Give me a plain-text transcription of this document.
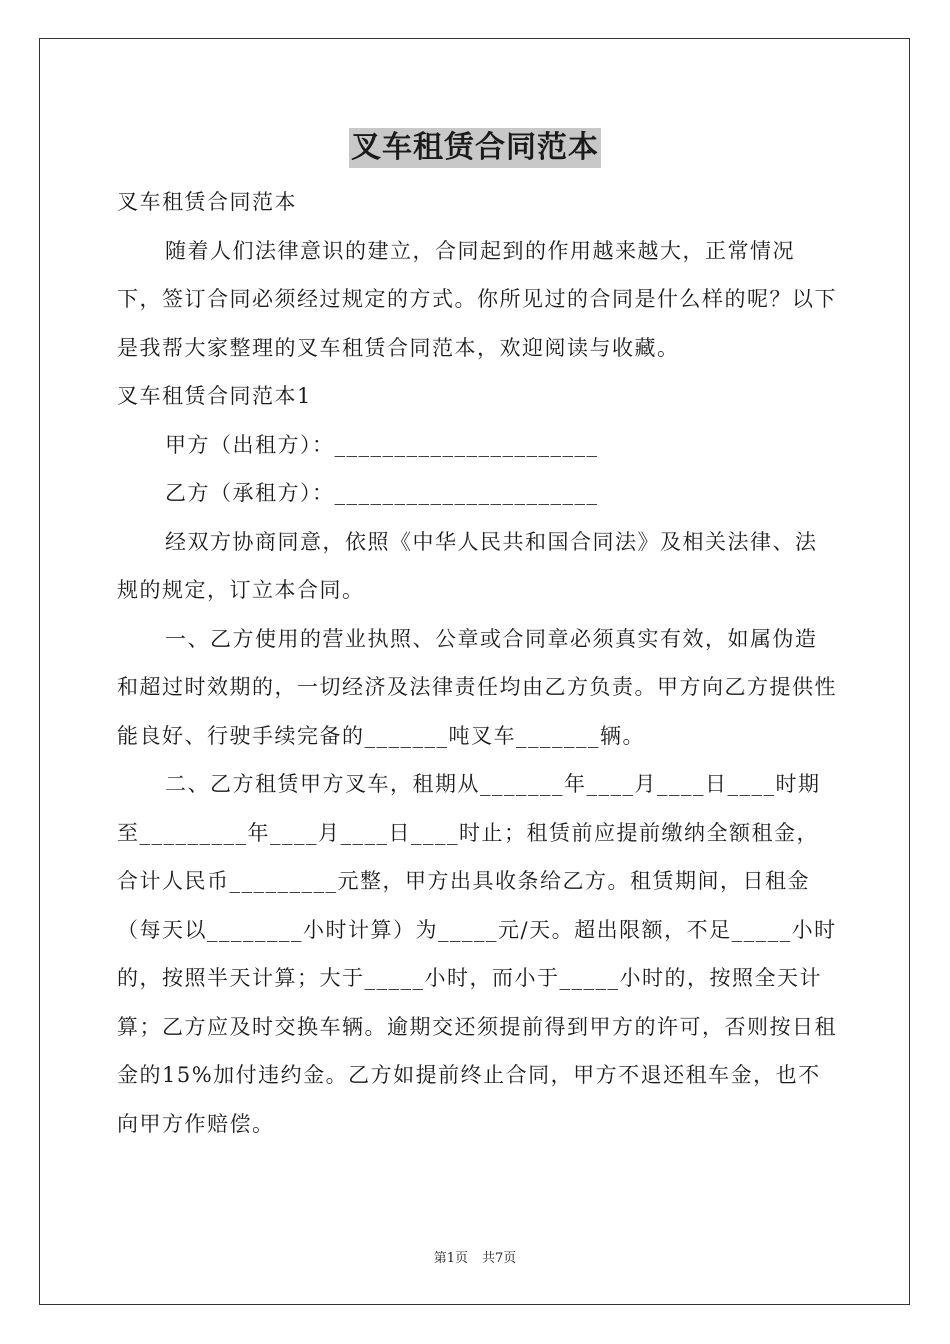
叉车租赁合同范本

叉车租赁合同范本

随着人们法律意识的建立，合同起到的作用越来越大，正常情况下，签订合同必须经过规定的方式。你所见过的合同是什么样的呢？以下是我帮大家整理的叉车租赁合同范本，欢迎阅读与收藏。

叉车租赁合同范本1

甲方（出租方）：______________________

乙方（承租方）：______________________

经双方协商同意，依照《中华人民共和国合同法》及相关法律、法规的规定，订立本合同。

一、乙方使用的营业执照、公章或合同章必须真实有效，如属伪造和超过时效期的，一切经济及法律责任均由乙方负责。甲方向乙方提供性能良好、行驶手续完备的_______吨叉车_______辆。

二、乙方租赁甲方叉车，租期从_______年____月____日____时期至_________年____月____日____时止；租赁前应提前缴纳全额租金，合计人民币_________元整，甲方出具收条给乙方。租赁期间，日租金（每天以________小时计算）为_____元/天。超出限额，不足_____小时的，按照半天计算；大于_____小时，而小于_____小时的，按照全天计算；乙方应及时交换车辆。逾期交还须提前得到甲方的许可，否则按日租金的15%加付违约金。乙方如提前终止合同，甲方不退还租车金，也不向甲方作赔偿。

第1页 共7页
